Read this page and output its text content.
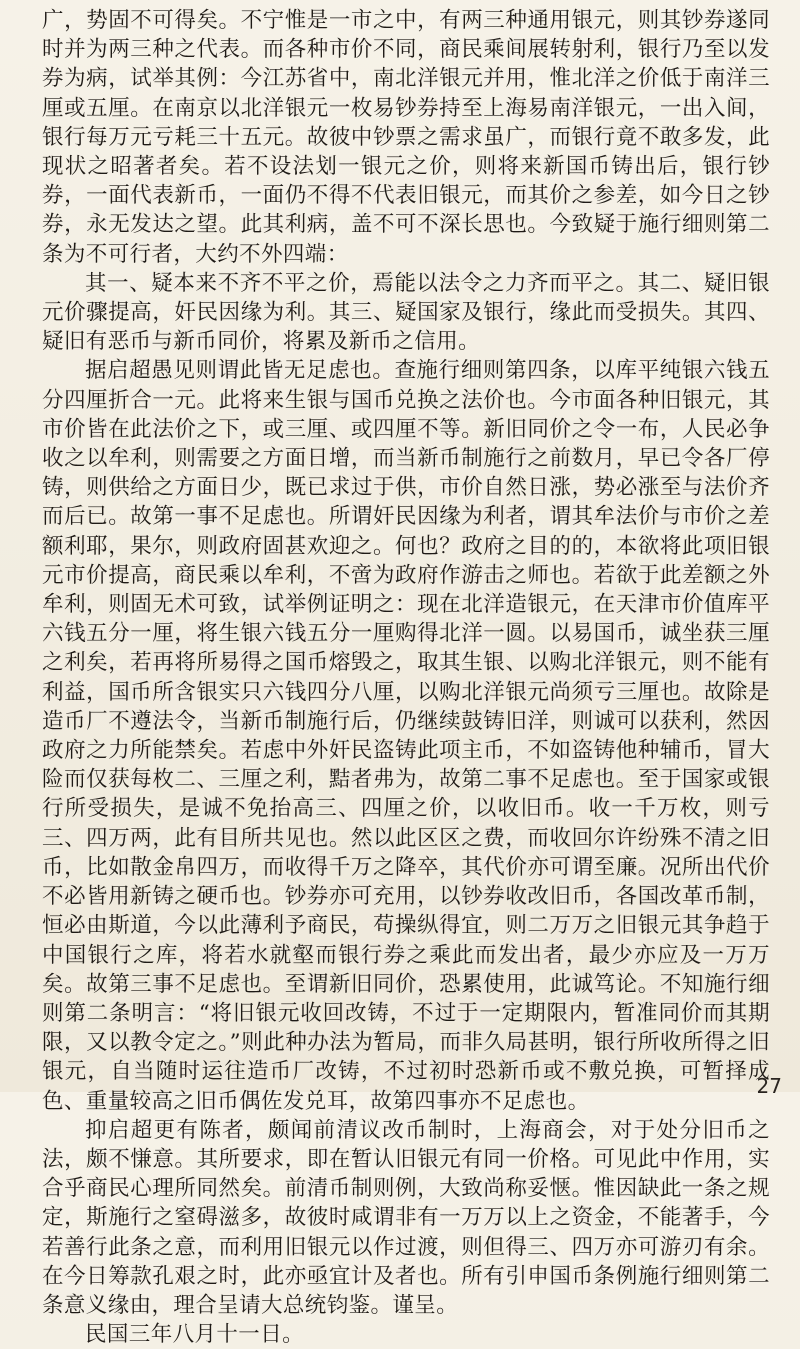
广，势固不可得矣。不宁惟是一市之中，有两三种通用银元，则其钞券遂同时并为两三种之代表。而各种市价不同，商民乘间展转射利，银行乃至以发券为病，试举其例：今江苏省中，南北洋银元并用，惟北洋之价低于南洋三厘或五厘。在南京以北洋银元一枚易钞券持至上海易南洋银元，一出入间，银行每万元亏耗三十五元。故彼中钞票之需求虽广，而银行竟不敢多发，此现状之昭著者矣。若不设法划一银元之价，则将来新国币铸出后，银行钞券，一面代表新币，一面仍不得不代表旧银元，而其价之参差，如今日之钞券，永无发达之望。此其利病，盖不可不深长思也。今致疑于施行细则第二条为不可行者，大约不外四端：

其一、疑本来不齐不平之价，焉能以法令之力齐而平之。其二、疑旧银元价骤提高，奸民因缘为利。其三、疑国家及银行，缘此而受损失。其四、疑旧有恶币与新币同价，将累及新币之信用。

据启超愚见则谓此皆无足虑也。查施行细则第四条，以库平纯银六钱五分四厘折合一元。此将来生银与国币兑换之法价也。今市面各种旧银元，其市价皆在此法价之下，或三厘、或四厘不等。新旧同价之令一布，人民必争收之以牟利，则需要之方面日增，而当新币制施行之前数月，早已令各厂停铸，则供给之方面日少，既已求过于供，市价自然日涨，势必涨至与法价齐而后已。故第一事不足虑也。所谓奸民因缘为利者，谓其牟法价与市价之差额利耶，果尔，则政府固甚欢迎之。何也？政府之目的的，本欲将此项旧银元市价提高，商民乘以牟利，不啻为政府作游击之师也。若欲于此差额之外牟利，则固无术可致，试举例证明之：现在北洋造银元，在天津市价值库平六钱五分一厘，将生银六钱五分一厘购得北洋一圆。以易国币，诚坐获三厘之利矣，若再将所易得之国币熔毁之，取其生银、以购北洋银元，则不能有利益，国币所含银实只六钱四分八厘，以购北洋银元尚须亏三厘也。故除是造币厂不遵法令，当新币制施行后，仍继续鼓铸旧洋，则诚可以获利，然因政府之力所能禁矣。若虑中外奸民盗铸此项主币，不如盗铸他种辅币，冒大险而仅获每枚二、三厘之利，黠者弗为，故第二事不足虑也。至于国家或银行所受损失，是诚不免抬高三、四厘之价，以收旧币。收一千万枚，则亏三、四万两，此有目所共见也。然以此区区之费，而收回尔许纷殊不清之旧币，比如散金帛四万，而收得千万之降卒，其代价亦可谓至廉。况所出代价不必皆用新铸之硬币也。钞券亦可充用，以钞券收改旧币，各国改革币制，恒必由斯道，今以此薄利予商民，苟操纵得宜，则二万万之旧银元其争趋于中国银行之库，将若水就壑而银行券之乘此而发出者，最少亦应及一万万矣。故第三事不足虑也。至谓新旧同价，恐累使用，此诚笃论。不知施行细则第二条明言：“将旧银元收回改铸，不过于一定期限内，暂准同价而其期限，又以教令定之。”则此种办法为暂局，而非久局甚明，银行所收所得之旧银元，自当随时运往造币厂改铸，不过初时恐新币或不敷兑换，可暂择成色、重量较高之旧币偶佐发兑耳，故第四事亦不足虑也。

抑启超更有陈者，颇闻前清议改币制时，上海商会，对于处分旧币之法，颇不慊意。其所要求，即在暂认旧银元有同一价格。可见此中作用，实合乎商民心理所同然矣。前清币制则例，大致尚称妥惬。惟因缺此一条之规定，斯施行之窒碍滋多，故彼时咸谓非有一万万以上之资金，不能著手，今若善行此条之意，而利用旧银元以作过渡，则但得三、四万亦可游刃有余。在今日筹款孔艰之时，此亦亟宜计及者也。所有引申国币条例施行细则第二条意义缘由，理合呈请大总统钧鉴。谨呈。

民国三年八月十一日。

27
